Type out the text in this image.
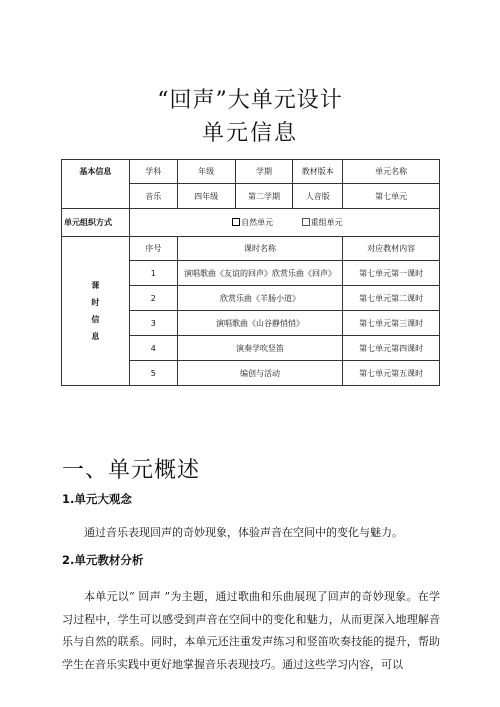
“回声”大单元设计
单元信息
基本信息	学科	年级	学期	教材版本	单元名称
	音乐	四年级	第二学期	人音版	第七单元
单元组织方式	自然单元 重组单元				

课
时
信
息	序号	课时名称			对应教材内容
	1	演唱歌曲《友谊的回声》欣赏乐曲《回声》			第七单元第一课时
	2	欣赏乐曲《羊肠小道》			第七单元第二课时
	3	演唱歌曲《山谷静悄悄》			第七单元第三课时
	4	演奏学吹竖笛			第七单元第四课时
	5	编创与活动			第七单元第五课时
一、单元概述
1.单元大观念
通过音乐表现回声的奇妙现象，体验声音在空间中的变化与魅力。
2.单元教材分析
本单元以“ 回声 ”为主题，通过歌曲和乐曲展现了回声的奇妙现象。在学习过程中，学生可以感受到声音在空间中的变化和魅力，从而更深入地理解音乐与自然的联系。同时，本单元还注重发声练习和竖笛吹奏技能的提升，帮助学生在音乐实践中更好地掌握音乐表现技巧。通过这些学习内容，可以
